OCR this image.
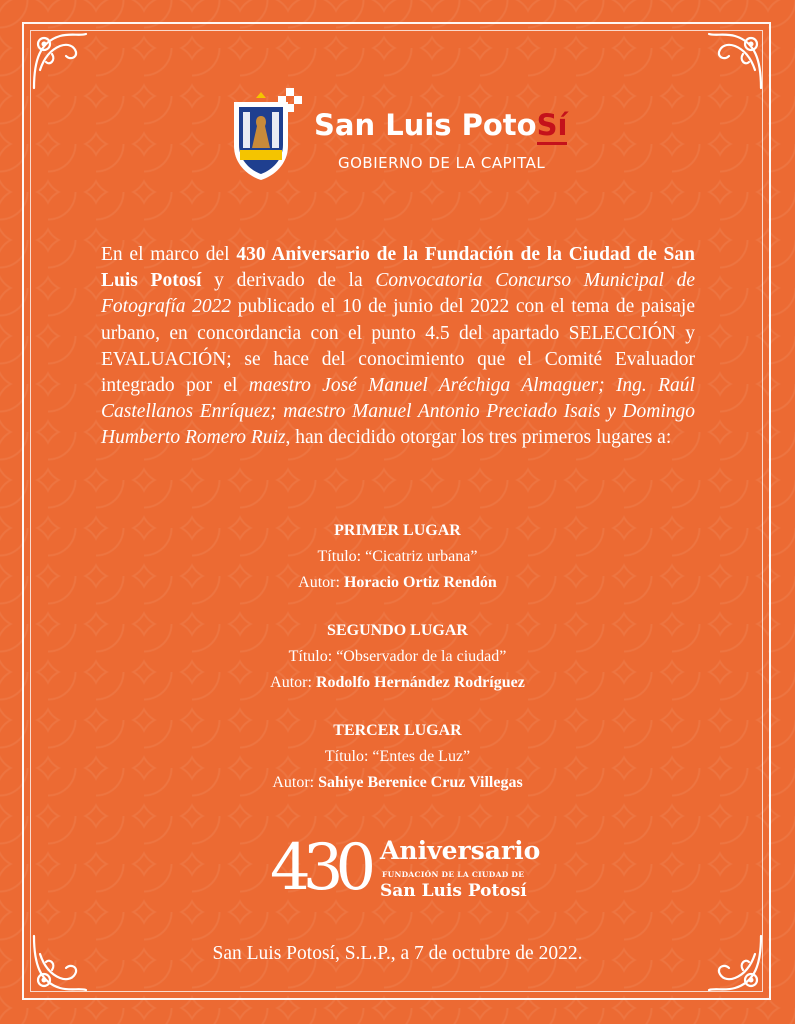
San Luis PotoSí
GOBIERNO DE LA CAPITAL
En el marco del 430 Aniversario de la Fundación de la Ciudad de San Luis Potosí y derivado de la Convocatoria Concurso Municipal de Fotografía 2022 publicado el 10 de junio del 2022 con el tema de paisaje urbano, en concordancia con el punto 4.5 del apartado SELECCIÓN y EVALUACIÓN; se hace del conocimiento que el Comité Evaluador integrado por el maestro José Manuel Aréchiga Almaguer; Ing. Raúl Castellanos Enríquez; maestro Manuel Antonio Preciado Isais y Domingo Humberto Romero Ruiz, han decidido otorgar los tres primeros lugares a:
PRIMER LUGAR
Título: “Cicatriz urbana”
Autor: Horacio Ortiz Rendón
SEGUNDO LUGAR
Título: “Observador de la ciudad”
Autor: Rodolfo Hernández Rodríguez
TERCER LUGAR
Título: “Entes de Luz”
Autor: Sahiye Berenice Cruz Villegas
430 Aniversario
FUNDACIÓN DE LA CIUDAD DE
San Luis Potosí
San Luis Potosí, S.L.P., a 7 de octubre de 2022.
